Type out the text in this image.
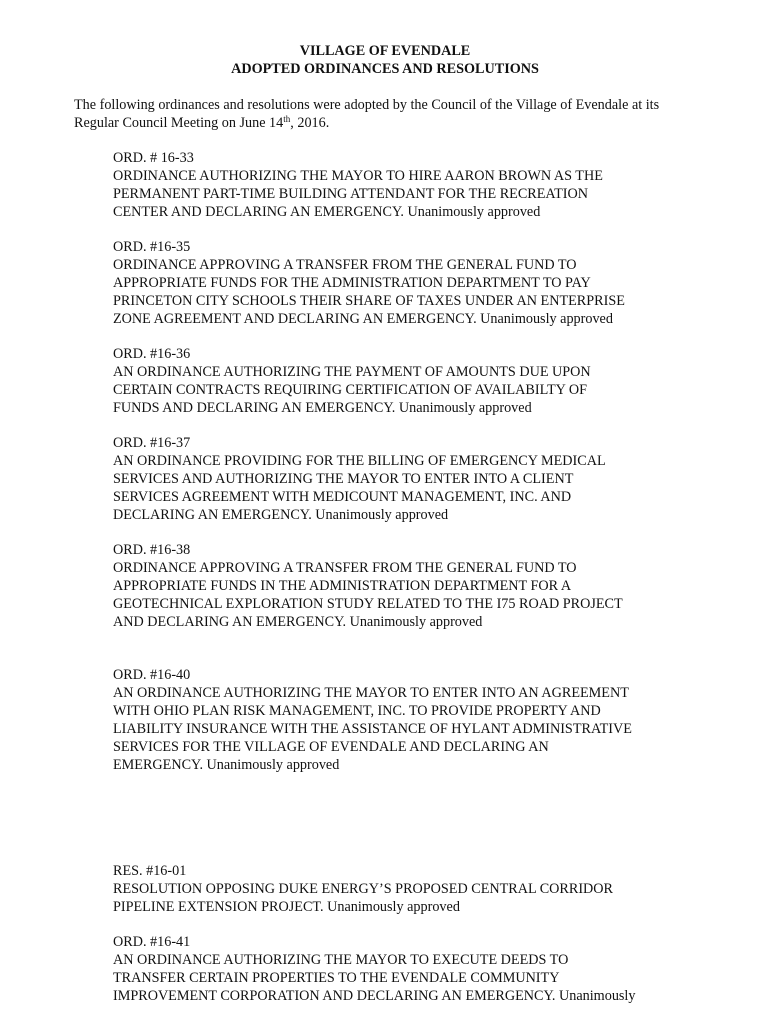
VILLAGE OF EVENDALE
ADOPTED ORDINANCES AND RESOLUTIONS
The following ordinances and resolutions were adopted by the Council of the Village of Evendale at its
Regular Council Meeting on June 14th, 2016.
ORD. # 16-33
ORDINANCE AUTHORIZING THE MAYOR TO HIRE AARON BROWN AS THE
PERMANENT PART-TIME BUILDING ATTENDANT FOR THE RECREATION
CENTER AND DECLARING AN EMERGENCY. Unanimously approved
ORD. #16-35
ORDINANCE APPROVING A TRANSFER FROM THE GENERAL FUND TO
APPROPRIATE FUNDS FOR THE ADMINISTRATION DEPARTMENT TO PAY
PRINCETON CITY SCHOOLS THEIR SHARE OF TAXES UNDER AN ENTERPRISE
ZONE AGREEMENT AND DECLARING AN EMERGENCY. Unanimously approved
ORD. #16-36
AN ORDINANCE AUTHORIZING THE PAYMENT OF AMOUNTS DUE UPON
CERTAIN CONTRACTS REQUIRING CERTIFICATION OF AVAILABILTY OF
FUNDS AND DECLARING AN EMERGENCY. Unanimously approved
ORD. #16-37
AN ORDINANCE PROVIDING FOR THE BILLING OF EMERGENCY MEDICAL
SERVICES AND AUTHORIZING THE MAYOR TO ENTER INTO A CLIENT
SERVICES AGREEMENT WITH MEDICOUNT MANAGEMENT, INC. AND
DECLARING AN EMERGENCY. Unanimously approved
ORD. #16-38
ORDINANCE APPROVING A TRANSFER FROM THE GENERAL FUND TO
APPROPRIATE FUNDS IN THE ADMINISTRATION DEPARTMENT FOR A
GEOTECHNICAL EXPLORATION STUDY RELATED TO THE I75 ROAD PROJECT
AND DECLARING AN EMERGENCY. Unanimously approved
ORD. #16-40
AN ORDINANCE AUTHORIZING THE MAYOR TO ENTER INTO AN AGREEMENT
WITH OHIO PLAN RISK MANAGEMENT, INC. TO PROVIDE PROPERTY AND
LIABILITY INSURANCE WITH THE ASSISTANCE OF HYLANT ADMINISTRATIVE
SERVICES FOR THE VILLAGE OF EVENDALE AND DECLARING AN
EMERGENCY. Unanimously approved
RES. #16-01
RESOLUTION OPPOSING DUKE ENERGY’S PROPOSED CENTRAL CORRIDOR
PIPELINE EXTENSION PROJECT. Unanimously approved
ORD. #16-41
AN ORDINANCE AUTHORIZING THE MAYOR TO EXECUTE DEEDS TO
TRANSFER CERTAIN PROPERTIES TO THE EVENDALE COMMUNITY
IMPROVEMENT CORPORATION AND DECLARING AN EMERGENCY. Unanimously
